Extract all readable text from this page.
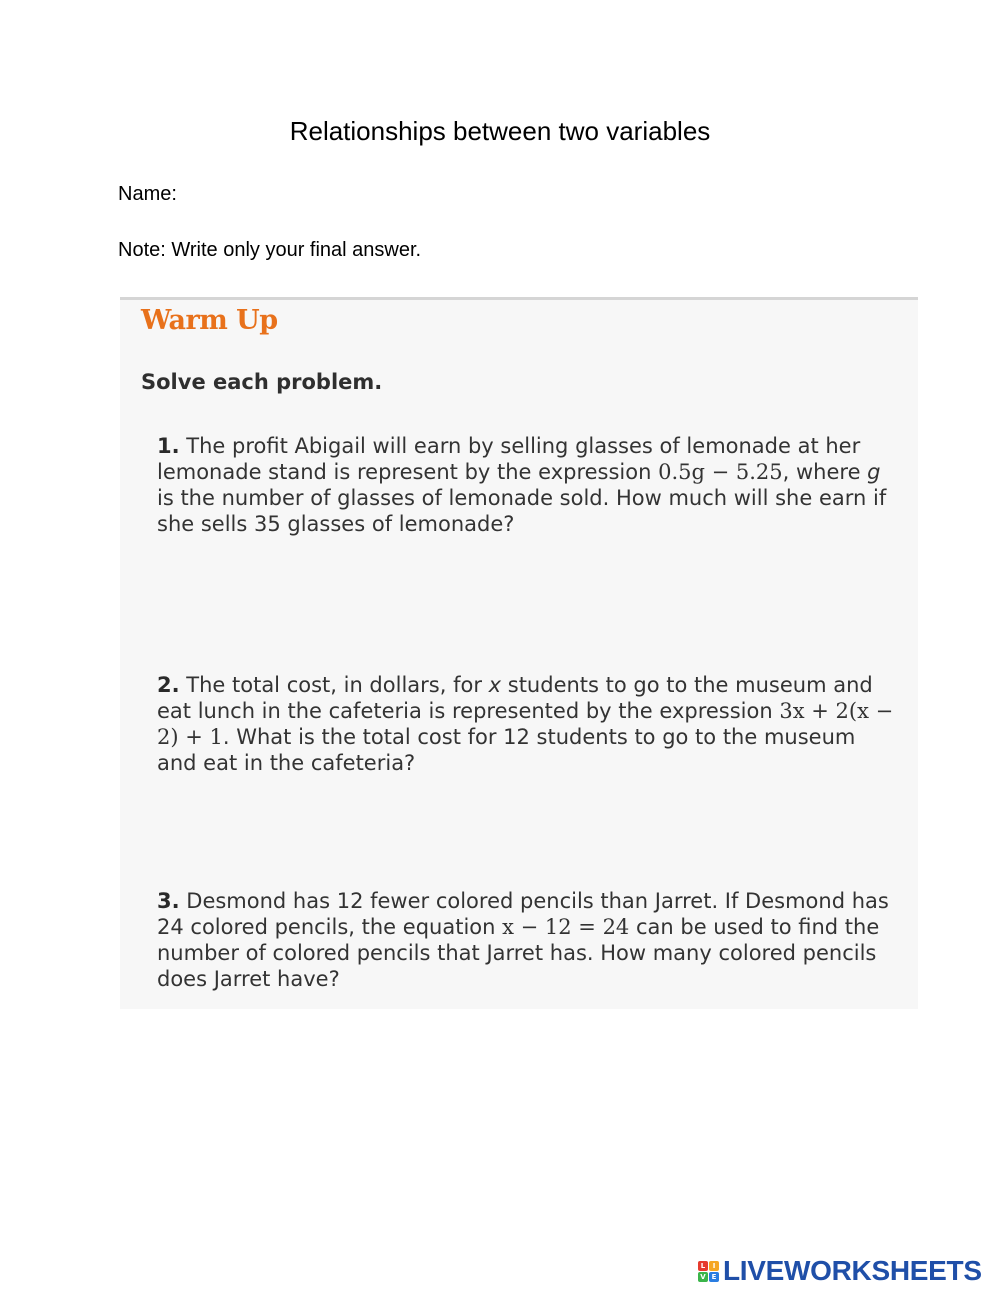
Relationships between two variables
Name:
Note: Write only your final answer.
Warm Up
Solve each problem.
1. The profit Abigail will earn by selling glasses of lemonade at her lemonade stand is represent by the expression 0.5g − 5.25, where g is the number of glasses of lemonade sold. How much will she earn if she sells 35 glasses of lemonade?
2. The total cost, in dollars, for x students to go to the museum and eat lunch in the cafeteria is represented by the expression 3x + 2(x − 2) + 1. What is the total cost for 12 students to go to the museum and eat in the cafeteria?
3. Desmond has 12 fewer colored pencils than Jarret. If Desmond has 24 colored pencils, the equation x − 12 = 24 can be used to find the number of colored pencils that Jarret has. How many colored pencils does Jarret have?
L	I
V E LIVEWORKSHEETS
